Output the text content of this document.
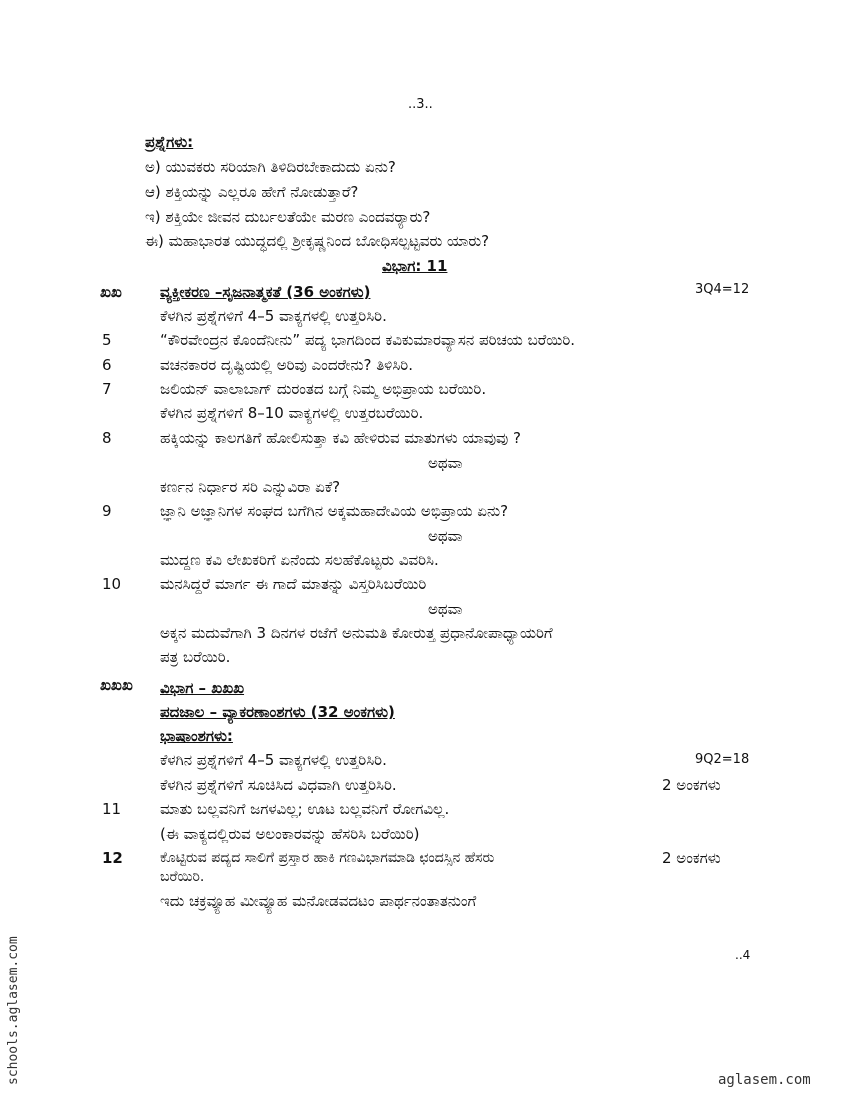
..3..
ಪ್ರಶ್ನೆಗಳು:
ಅ) ಯುವಕರು ಸರಿಯಾಗಿ ತಿಳಿದಿರಬೇಕಾದುದು ಏನು?
ಆ) ಶಕ್ತಿಯನ್ನು ಎಲ್ಲರೂ ಹೇಗೆ ನೋಡುತ್ತಾರೆ?
ಇ) ಶಕ್ತಿಯೇ ಜೀವನ ದುರ್ಬಲತೆಯೇ ಮರಣ ಎಂದವರ್‍ಯಾರು?
ಈ) ಮಹಾಭಾರತ ಯುದ್ಧದಲ್ಲಿ ಶ್ರೀಕೃಷ್ಣನಿಂದ ಬೋಧಿಸಲ್ಪಟ್ಟವರು ಯಾರು?
ವಿಭಾಗ: 11
ಖಖ	ವ್ಯಕ್ತೀಕರಣ –ಸೃಜನಾತ್ಮಕತೆ (36 ಅಂಕಗಳು)	3Q4=12
ಕೆಳಗಿನ ಪ್ರಶ್ನೆಗಳಿಗೆ 4–5 ವಾಕ್ಯಗಳಲ್ಲಿ ಉತ್ತರಿಸಿರಿ.
5	“ಕೌರವೇಂದ್ರನ ಕೊಂದೆನೀನು” ಪದ್ಯ ಭಾಗದಿಂದ ಕವಿಕುಮಾರವ್ಯಾಸನ ಪರಿಚಯ ಬರೆಯಿರಿ.
6	ವಚನಕಾರರ ದೃಷ್ಟಿಯಲ್ಲಿ ಅರಿವು ಎಂದರೇನು? ತಿಳಿಸಿರಿ.
7	ಜಲಿಯನ್ ವಾಲಾಬಾಗ್ ದುರಂತದ ಬಗ್ಗೆ ನಿಮ್ಮ ಅಭಿಪ್ರಾಯ ಬರೆಯಿರಿ.
ಕೆಳಗಿನ ಪ್ರಶ್ನೆಗಳಿಗೆ 8–10 ವಾಕ್ಯಗಳಲ್ಲಿ ಉತ್ತರಬರೆಯಿರಿ.
8	ಹಕ್ಕಿಯನ್ನು ಕಾಲಗತಿಗೆ ಹೋಲಿಸುತ್ತಾ ಕವಿ ಹೇಳಿರುವ ಮಾತುಗಳು ಯಾವುವು ?
ಅಥವಾ
ಕರ್ಣನ ನಿರ್ಧಾರ ಸರಿ ಎನ್ನುವಿರಾ ಏಕೆ?
9	ಜ್ಞಾನಿ ಅಜ್ಞಾನಿಗಳ ಸಂಘದ ಬಗೆಗಿನ ಅಕ್ಕಮಹಾದೇವಿಯ ಅಭಿಪ್ರಾಯ ಏನು?
ಅಥವಾ
ಮುದ್ದಣ ಕವಿ ಲೇಖಕರಿಗೆ ಏನೆಂದು ಸಲಹೆಕೊಟ್ಟರು ವಿವರಿಸಿ.
10	ಮನಸಿದ್ದರೆ ಮಾರ್ಗ ಈ ಗಾದೆ ಮಾತನ್ನು ವಿಸ್ತರಿಸಿಬರೆಯಿರಿ
ಅಥವಾ
ಅಕ್ಕನ ಮದುವೆಗಾಗಿ 3 ದಿನಗಳ ರಜೆಗೆ ಅನುಮತಿ ಕೋರುತ್ತ ಪ್ರಧಾನೋಪಾಧ್ಯಾಯರಿಗೆ
ಪತ್ರ ಬರೆಯಿರಿ.
ಖಖಖ ವಿಭಾಗ – ಖಖಖ
ಪದಜಾಲ – ವ್ಯಾಕರಣಾಂಶಗಳು (32 ಅಂಕಗಳು)
ಭಾಷಾಂಶಗಳು:
ಕೆಳಗಿನ ಪ್ರಶ್ನೆಗಳಿಗೆ 4–5 ವಾಕ್ಯಗಳಲ್ಲಿ ಉತ್ತರಿಸಿರಿ.	9Q2=18
ಕೆಳಗಿನ ಪ್ರಶ್ನೆಗಳಿಗೆ ಸೂಚಿಸಿದ ವಿಧವಾಗಿ ಉತ್ತರಿಸಿರಿ.	2 ಅಂಕಗಳು
11	ಮಾತು ಬಲ್ಲವನಿಗೆ ಜಗಳವಿಲ್ಲ; ಊಟ ಬಲ್ಲವನಿಗೆ ರೋಗವಿಲ್ಲ.
(ಈ ವಾಕ್ಯದಲ್ಲಿರುವ ಅಲಂಕಾರವನ್ನು ಹೆಸರಿಸಿ ಬರೆಯಿರಿ)
12	ಕೊಟ್ಟಿರುವ ಪದ್ಯದ ಸಾಲಿಗೆ ಪ್ರಸ್ತಾರ ಹಾಕಿ ಗಣವಿಭಾಗಮಾಡಿ ಛಂದಸ್ಸಿನ ಹೆಸರು	2 ಅಂಕಗಳು
ಬರೆಯಿರಿ.
ಇದು ಚಕ್ರವ್ಯೂಹ ಮೀವ್ಯೂಹ ಮನೋಡವದಟಂ ಪಾರ್ಥನಂತಾತನುಂಗೆ
..4
schools.aglasem.com	aglasem.com
